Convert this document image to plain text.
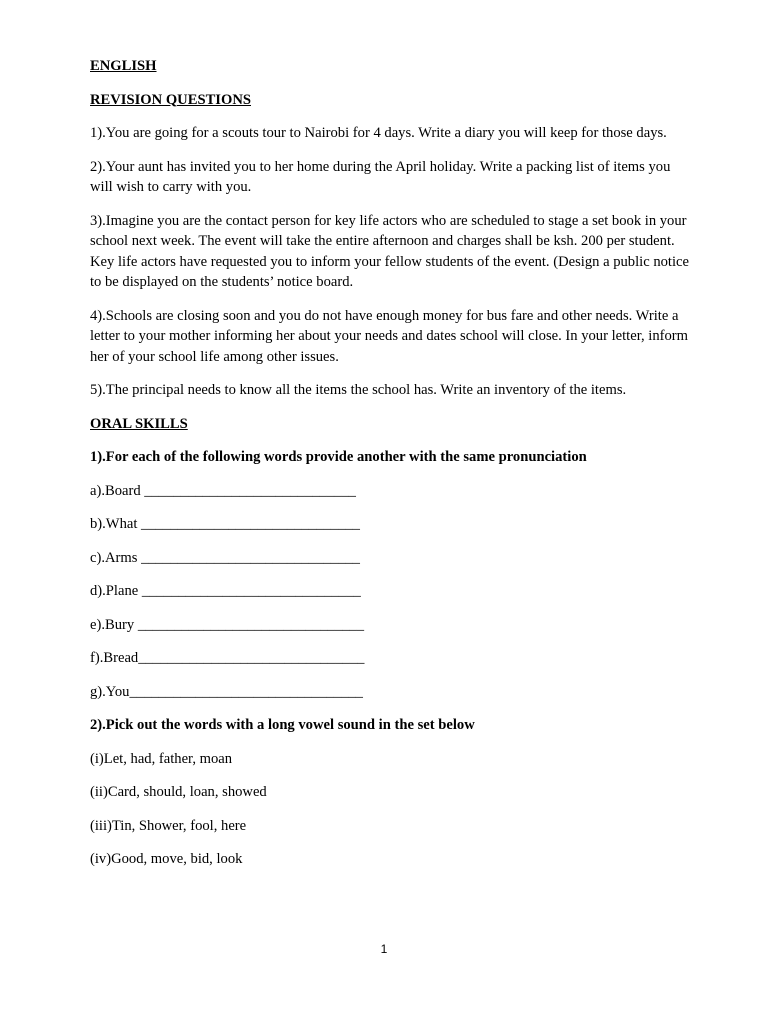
ENGLISH
REVISION QUESTIONS
1).You are going for a scouts tour to Nairobi for 4 days. Write a diary you will keep for those days.
2).Your aunt has invited you to her home during the April holiday. Write a packing list of items you will wish to carry with you.
3).Imagine you are the contact person for key life actors who are scheduled to stage a set book in your school next week. The event will take the entire afternoon and charges shall be ksh. 200 per student. Key life actors have requested you to inform your fellow students of the event. (Design a public notice to be displayed on the students’ notice board.
4).Schools are closing soon and you do not have enough money for bus fare and other needs. Write a letter to your mother informing her about your needs and dates school will close. In your letter, inform her of your school life among other issues.
5).The principal needs to know all the items the school has. Write an inventory of the items.
ORAL SKILLS
1).For each of the following words provide another with the same pronunciation
a).Board _____________________________
b).What ______________________________
c).Arms ______________________________
d).Plane ______________________________
e).Bury _______________________________
f).Bread_______________________________
g).You________________________________
2).Pick out the words with a long vowel sound in the set below
(i)Let, had, father, moan
(ii)Card, should, loan, showed
(iii)Tin, Shower, fool, here
(iv)Good, move, bid, look
1
